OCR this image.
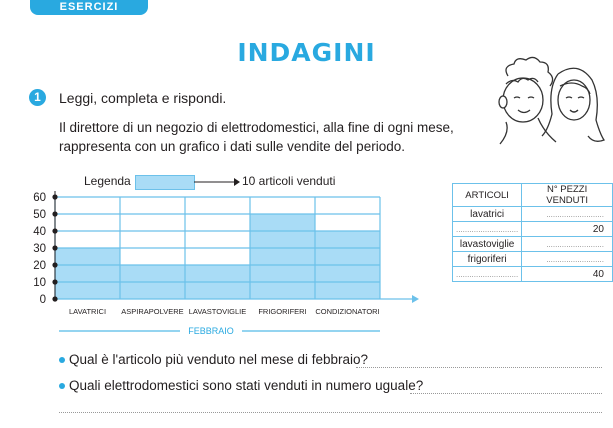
ESERCIZI
INDAGINI
1	Leggi, completa e rispondi.
Il direttore di un negozio di elettrodomestici, alla fine di ogni mese, rappresenta con un grafico i dati sulle vendite del periodo.
Legenda	10 articoli venduti
0
10
20
30
40
50
60
LAVATRICI ASPIRAPOLVERE LAVASTOVIGLIE FRIGORIFERI CONDIZIONATORI
FEBBRAIO
ARTICOLI	N° PEZZI VENDUTI
lavatrici	..........................
............................	20
lavastoviglie	..........................
frigoriferi	..........................
............................	40
Qual è l'articolo più venduto nel mese di febbraio?
Quali elettrodomestici sono stati venduti in numero uguale?
